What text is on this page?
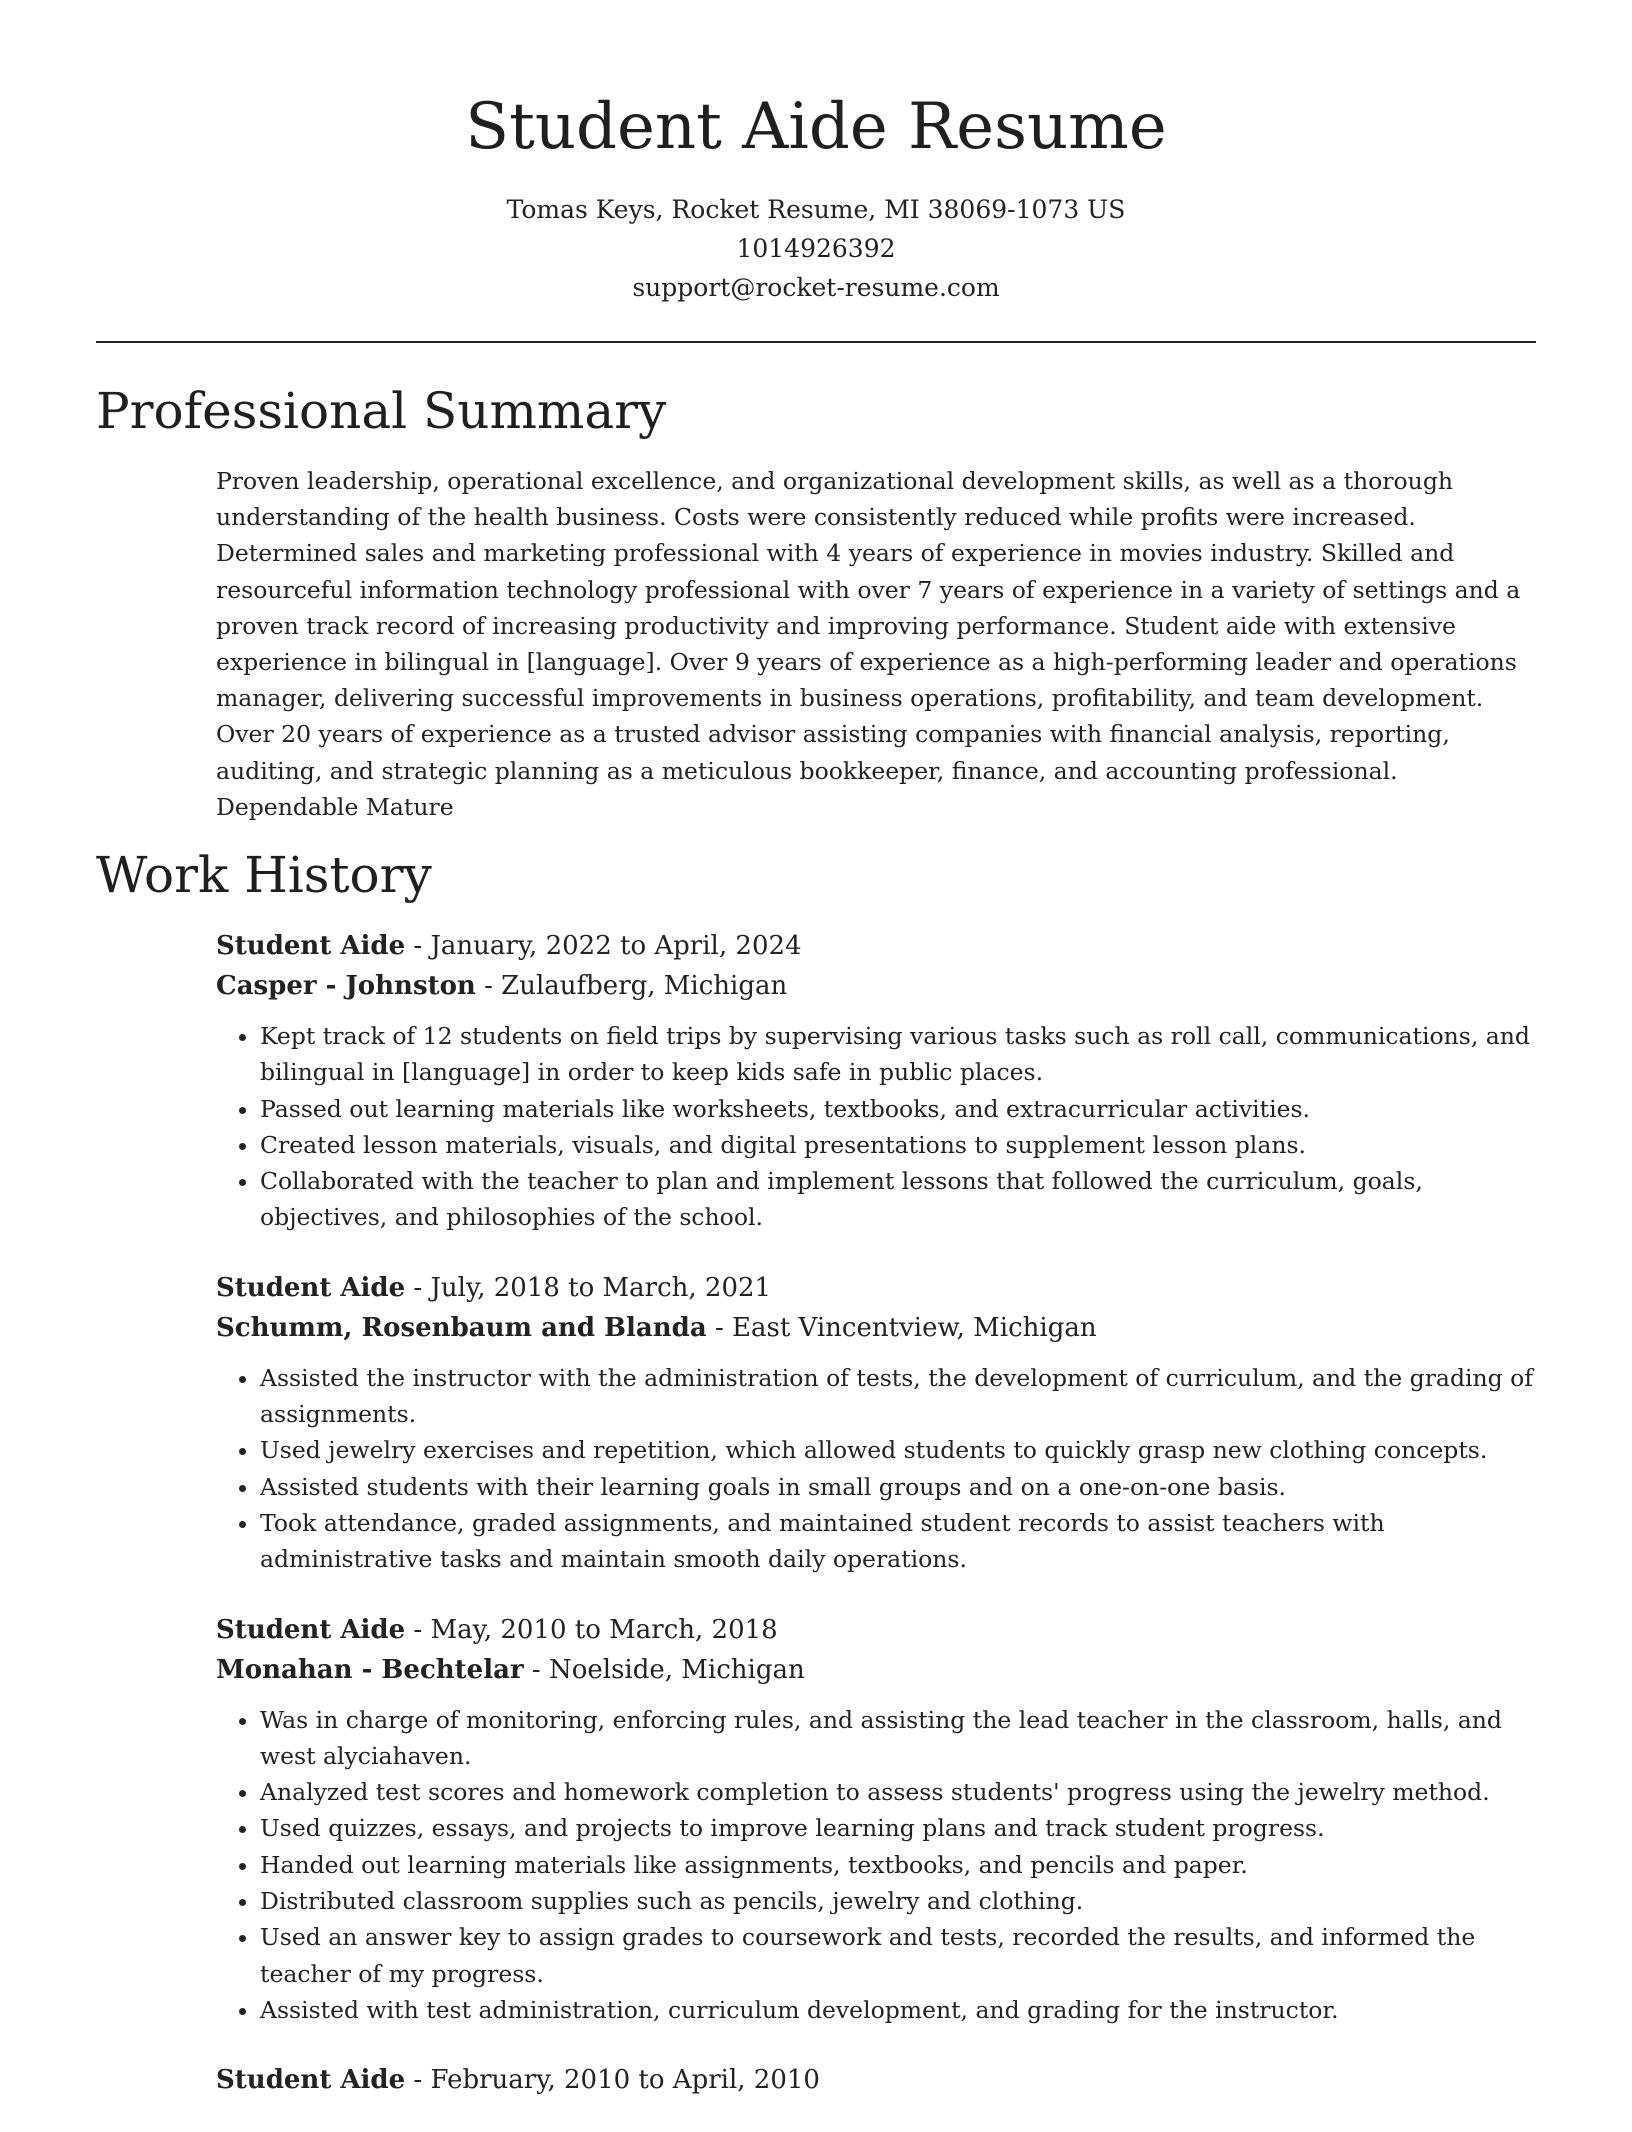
Student Aide Resume
Tomas Keys, Rocket Resume, MI 38069-1073 US
1014926392
support@rocket-resume.com
Professional Summary

Proven leadership, operational excellence, and organizational development skills, as well as a thorough understanding of the health business. Costs were consistently reduced while profits were increased. Determined sales and marketing professional with 4 years of experience in movies industry. Skilled and resourceful information technology professional with over 7 years of experience in a variety of settings and a proven track record of increasing productivity and improving performance. Student aide with extensive experience in bilingual in [language]. Over 9 years of experience as a high-performing leader and operations manager, delivering successful improvements in business operations, profitability, and team development. Over 20 years of experience as a trusted advisor assisting companies with financial analysis, reporting, auditing, and strategic planning as a meticulous bookkeeper, finance, and accounting professional. Dependable Mature

Work History
Student Aide - January, 2022 to April, 2024
Casper - Johnston - Zulaufberg, Michigan
• Kept track of 12 students on field trips by supervising various tasks such as roll call, communications, and bilingual in [language] in order to keep kids safe in public places.
• Passed out learning materials like worksheets, textbooks, and extracurricular activities.
• Created lesson materials, visuals, and digital presentations to supplement lesson plans.
• Collaborated with the teacher to plan and implement lessons that followed the curriculum, goals, objectives, and philosophies of the school.
Student Aide - July, 2018 to March, 2021
Schumm, Rosenbaum and Blanda - East Vincentview, Michigan
• Assisted the instructor with the administration of tests, the development of curriculum, and the grading of assignments.
• Used jewelry exercises and repetition, which allowed students to quickly grasp new clothing concepts.
• Assisted students with their learning goals in small groups and on a one-on-one basis.
• Took attendance, graded assignments, and maintained student records to assist teachers with administrative tasks and maintain smooth daily operations.
Student Aide - May, 2010 to March, 2018
Monahan - Bechtelar - Noelside, Michigan
• Was in charge of monitoring, enforcing rules, and assisting the lead teacher in the classroom, halls, and west alyciahaven.
• Analyzed test scores and homework completion to assess students' progress using the jewelry method.
• Used quizzes, essays, and projects to improve learning plans and track student progress.
• Handed out learning materials like assignments, textbooks, and pencils and paper.
• Distributed classroom supplies such as pencils, jewelry and clothing.
• Used an answer key to assign grades to coursework and tests, recorded the results, and informed the teacher of my progress.
• Assisted with test administration, curriculum development, and grading for the instructor.
Student Aide - February, 2010 to April, 2010
